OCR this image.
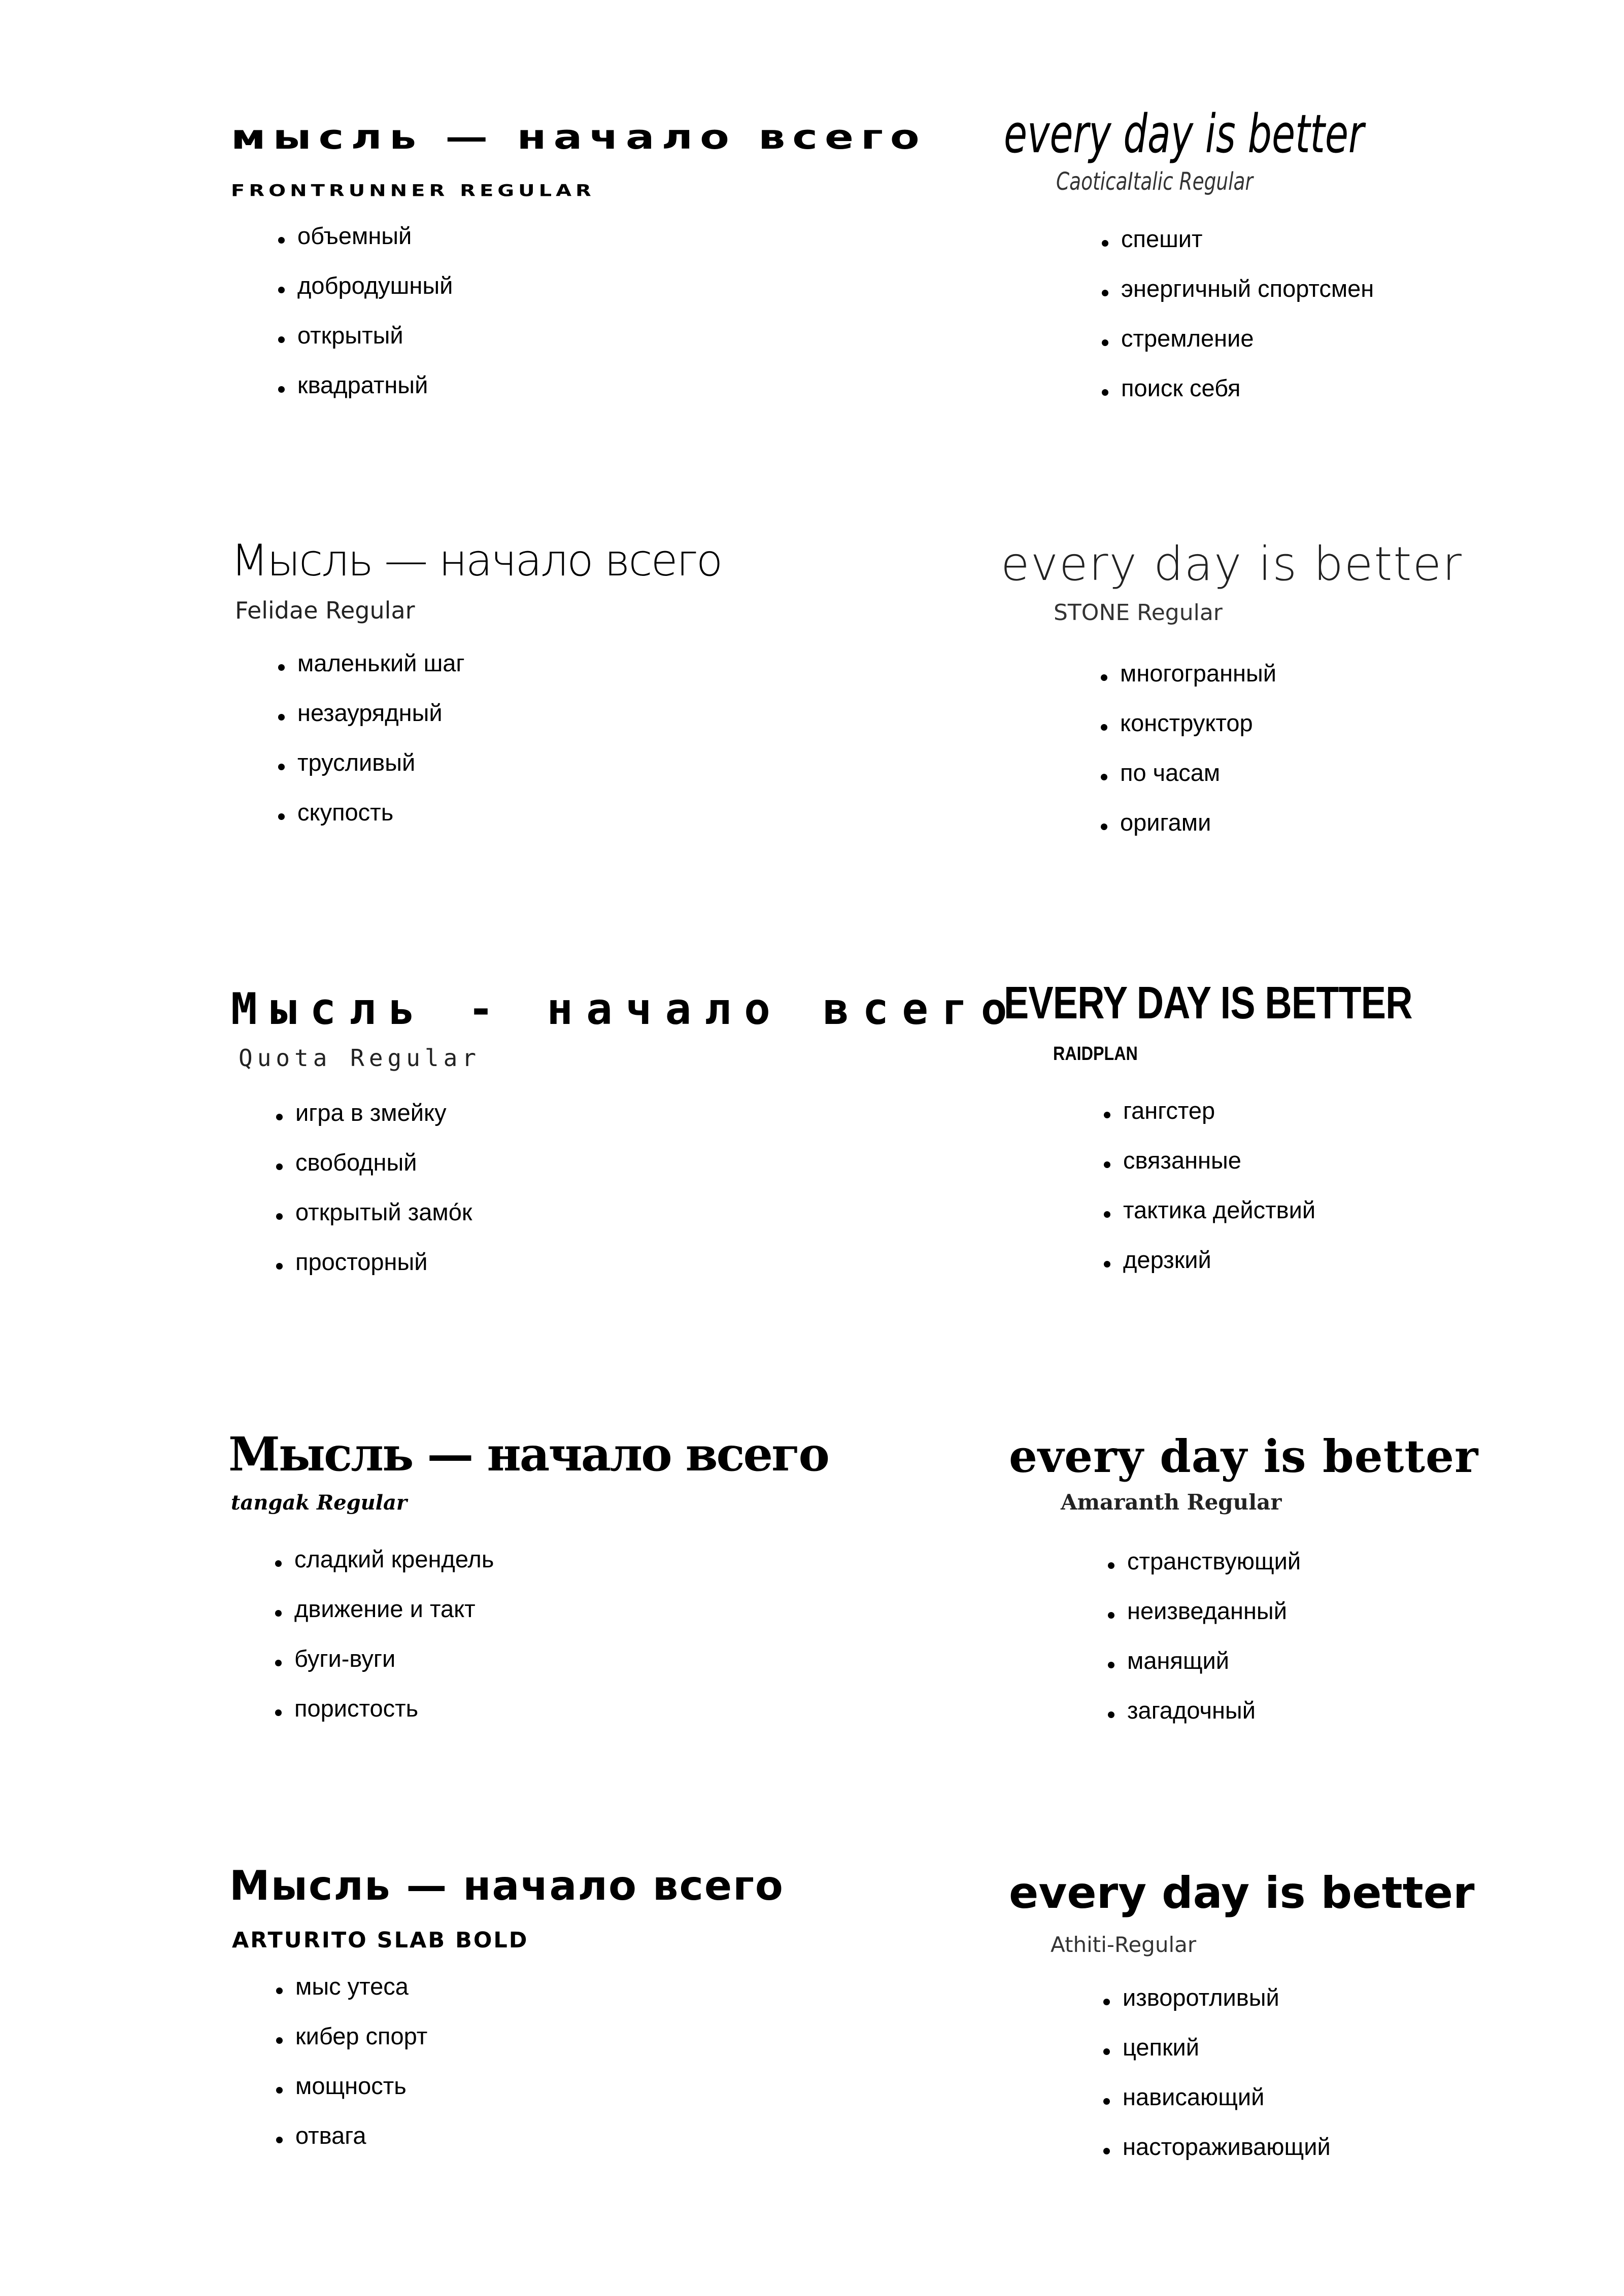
мысль — начало всего

FRONTRUNNER REGULAR

объемный
добродушный
открытый
квадратный
Мысль — начало всего

Felidae Regular

маленький шаг
незаурядный
трусливый
скупость
Мысль - начало всего

Quota Regular

игра в змейку
свободный
открытый замо́к
просторный
Мысль — начало всего

tangak Regular

сладкий крендель
движение и такт
буги-вуги
пористость
Мысль — начало всего

ARTURITO SLAB BOLD

мыс утеса
кибер спорт
мощность
отвага
every day is better

CaoticaItalic Regular

спешит
энергичный спортсмен
стремление
поиск себя
every day is better

STONE Regular

многогранный
конструктор
по часам
оригами
EVERY DAY IS BETTER

RAIDPLAN

гангстер
связанные
тактика действий
дерзкий
every day is better

Amaranth Regular

странствующий
неизведанный
манящий
загадочный
every day is better

Athiti-Regular

изворотливый
цепкий
нависающий
настораживающий
